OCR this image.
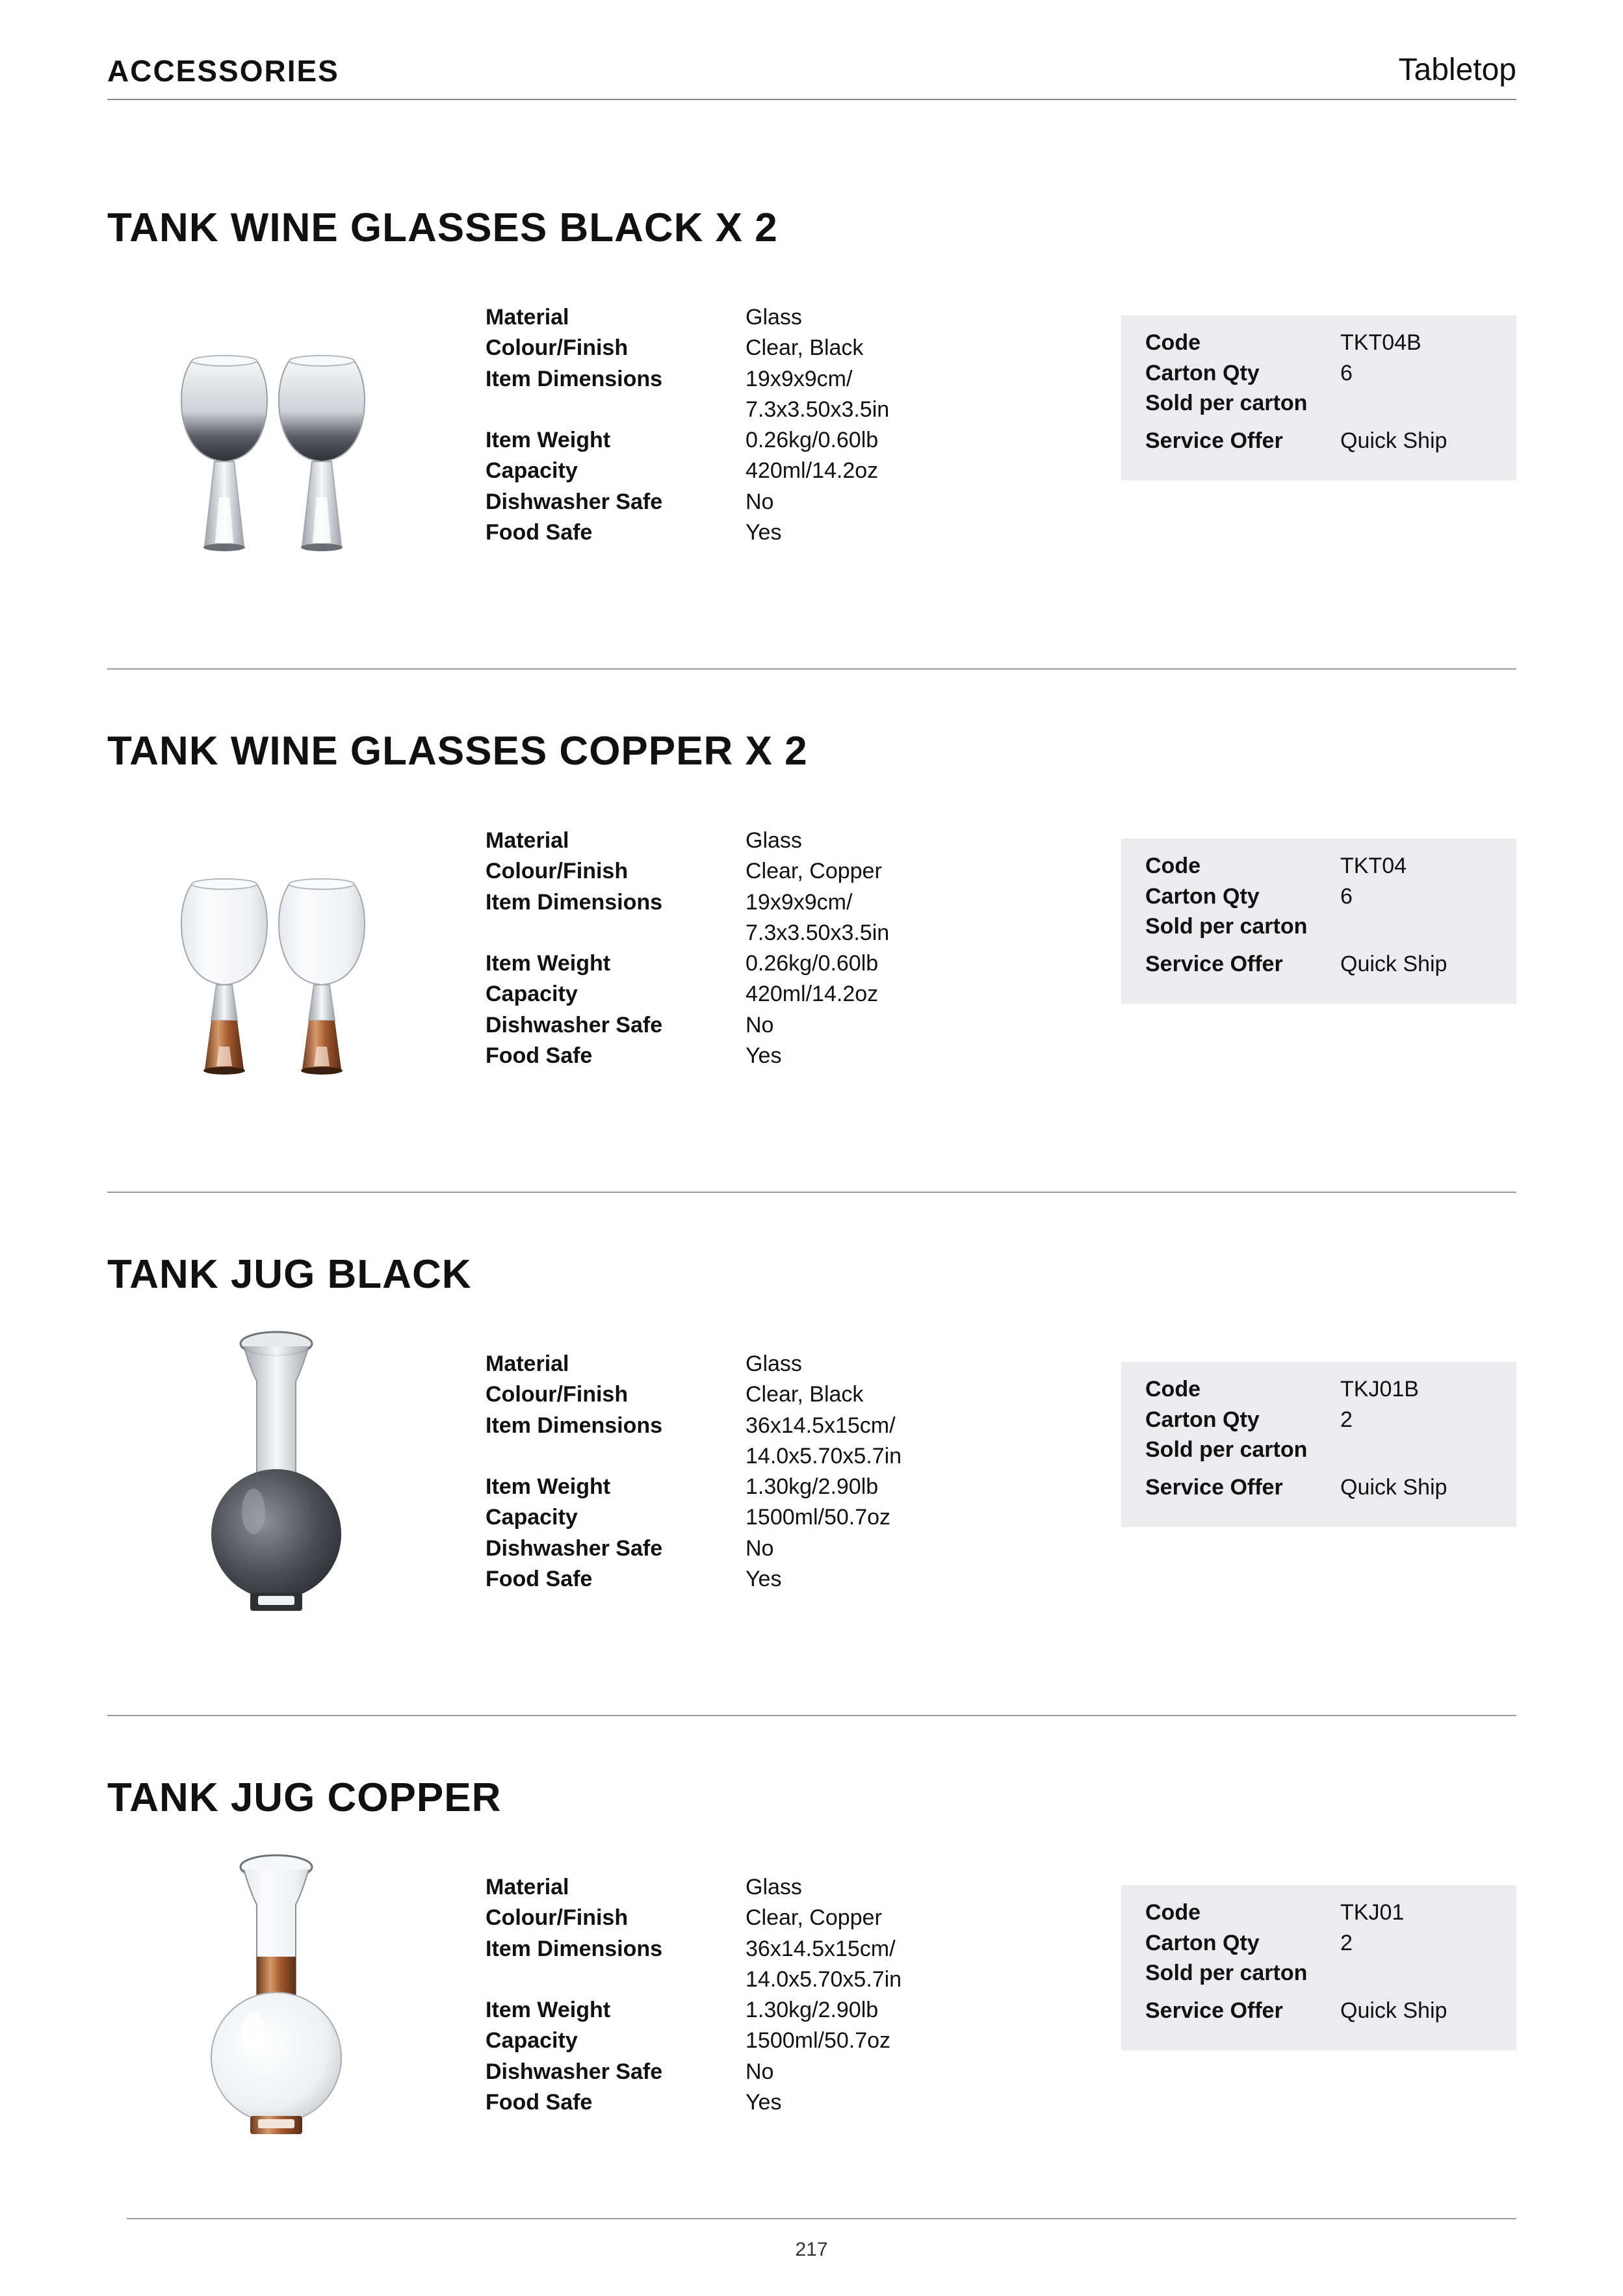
ACCESSORIES	Tabletop
TANK WINE GLASSES BLACK X 2
Material	Glass
Colour/Finish	Clear, Black
Item Dimensions	19x9x9cm/
7.3x3.50x3.5in
Item Weight	0.26kg/0.60lb
Capacity	420ml/14.2oz
Dishwasher Safe	No
Food Safe	Yes
Code	TKT04B
Carton Qty	6
Sold per carton
Service Offer	Quick Ship
TANK WINE GLASSES COPPER X 2
Material	Glass
Colour/Finish	Clear, Copper
Item Dimensions	19x9x9cm/
7.3x3.50x3.5in
Item Weight	0.26kg/0.60lb
Capacity	420ml/14.2oz
Dishwasher Safe	No
Food Safe	Yes
Code	TKT04
Carton Qty	6
Sold per carton
Service Offer	Quick Ship
TANK JUG BLACK
Material	Glass
Colour/Finish	Clear, Black
Item Dimensions	36x14.5x15cm/
14.0x5.70x5.7in
Item Weight	1.30kg/2.90lb
Capacity	1500ml/50.7oz
Dishwasher Safe	No
Food Safe	Yes
Code	TKJ01B
Carton Qty	2
Sold per carton
Service Offer	Quick Ship
TANK JUG COPPER
Material	Glass
Colour/Finish	Clear, Copper
Item Dimensions	36x14.5x15cm/
14.0x5.70x5.7in
Item Weight	1.30kg/2.90lb
Capacity	1500ml/50.7oz
Dishwasher Safe	No
Food Safe	Yes
Code	TKJ01
Carton Qty	2
Sold per carton
Service Offer	Quick Ship
217
